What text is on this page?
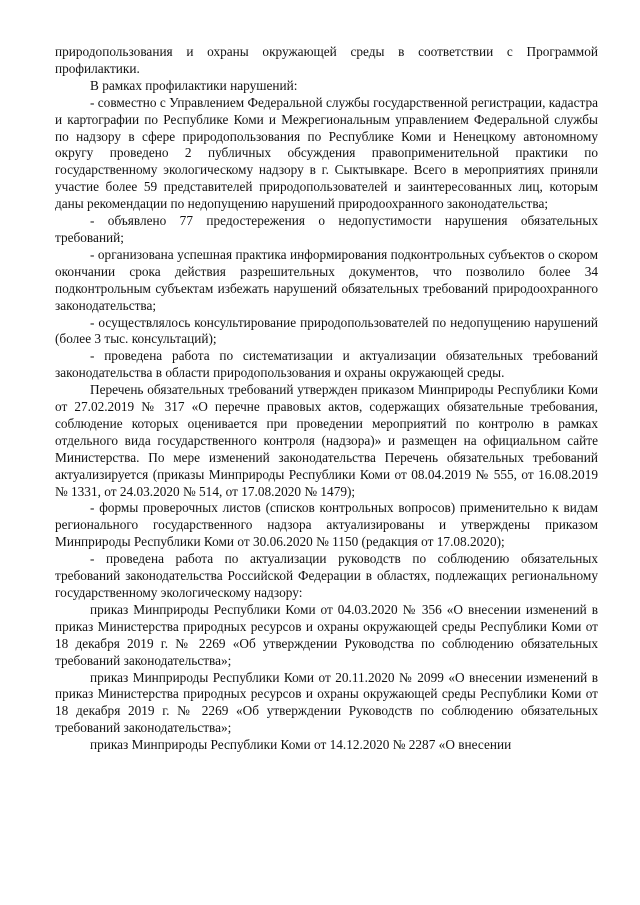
природопользования и охраны окружающей среды в соответствии с Программой профилактики.

В рамках профилактики нарушений:

- совместно с Управлением Федеральной службы государственной регистрации, кадастра и картографии по Республике Коми и Межрегиональным управлением Федеральной службы по надзору в сфере природопользования по Республике Коми и Ненецкому автономному округу проведено 2 публичных обсуждения правоприменительной практики по государственному экологическому надзору в г. Сыктывкаре. Всего в мероприятиях приняли участие более 59 представителей природопользователей и заинтересованных лиц, которым даны рекомендации по недопущению нарушений природоохранного законодательства;

- объявлено 77 предостережения о недопустимости нарушения обязательных требований;

- организована успешная практика информирования подконтрольных субъектов о скором окончании срока действия разрешительных документов, что позволило более 34 подконтрольным субъектам избежать нарушений обязательных требований природоохранного законодательства;

- осуществлялось консультирование природопользователей по недопущению нарушений (более 3 тыс. консультаций);

- проведена работа по систематизации и актуализации обязательных требований законодательства в области природопользования и охраны окружающей среды.

Перечень обязательных требований утвержден приказом Минприроды Республики Коми от 27.02.2019 № 317 «О перечне правовых актов, содержащих обязательные требования, соблюдение которых оценивается при проведении мероприятий по контролю в рамках отдельного вида государственного контроля (надзора)» и размещен на официальном сайте Министерства. По мере изменений законодательства Перечень обязательных требований актуализируется (приказы Минприроды Республики Коми от 08.04.2019 № 555, от 16.08.2019 № 1331, от 24.03.2020 № 514, от 17.08.2020 № 1479);

- формы проверочных листов (списков контрольных вопросов) применительно к видам регионального государственного надзора актуализированы и утверждены приказом Минприроды Республики Коми от 30.06.2020 № 1150 (редакция от 17.08.2020);

- проведена работа по актуализации руководств по соблюдению обязательных требований законодательства Российской Федерации в областях, подлежащих региональному государственному экологическому надзору:

приказ Минприроды Республики Коми от 04.03.2020 № 356 «О внесении изменений в приказ Министерства природных ресурсов и охраны окружающей среды Республики Коми от 18 декабря 2019 г. № 2269 «Об утверждении Руководства по соблюдению обязательных требований законодательства»;

приказ Минприроды Республики Коми от 20.11.2020 № 2099 «О внесении изменений в приказ Министерства природных ресурсов и охраны окружающей среды Республики Коми от 18 декабря 2019 г. № 2269 «Об утверждении Руководств по соблюдению обязательных требований законодательства»;

приказ Минприроды Республики Коми от 14.12.2020 № 2287 «О внесении
